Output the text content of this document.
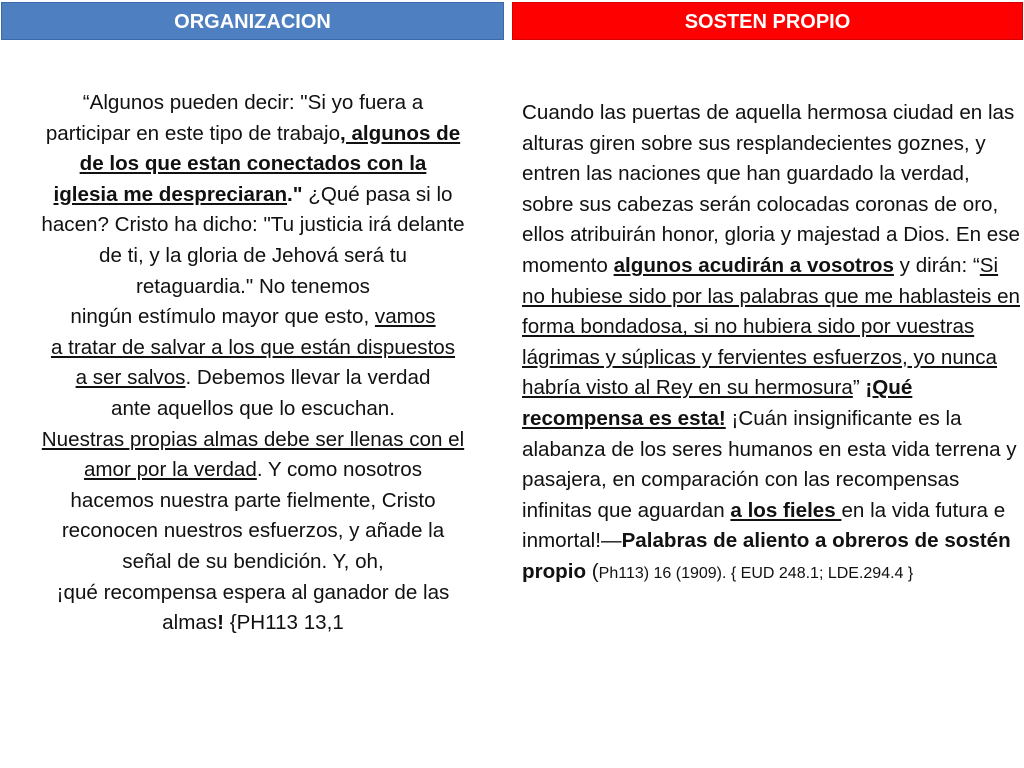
ORGANIZACION	SOSTEN PROPIO

“Algunos pueden decir: "Si yo fuera a

participar en este tipo de trabajo, algunos de

de los que estan conectados con la

iglesia me despreciaran." ¿Qué pasa si lo

hacen? Cristo ha dicho: "Tu justicia irá delante

de ti, y la gloria de Jehová será tu

retaguardia." No tenemos

ningún estímulo mayor que esto, vamos

a tratar de salvar a los que están dispuestos

a ser salvos. Debemos llevar la verdad

ante aquellos que lo escuchan.

Nuestras propias almas debe ser llenas con el

amor por la verdad. Y como nosotros

hacemos nuestra parte fielmente, Cristo

reconocen nuestros esfuerzos, y añade la

señal de su bendición. Y, oh,

¡qué recompensa espera al ganador de las

almas! {PH113 13,1

Cuando las puertas de aquella hermosa ciudad en las alturas giren sobre sus resplandecientes goznes, y entren las naciones que han guardado la verdad, sobre sus cabezas serán colocadas coronas de oro, ellos atribuirán honor, gloria y majestad a Dios. En ese momento algunos acudirán a vosotros y dirán: “Si no hubiese sido por las palabras que me hablasteis en forma bondadosa, si no hubiera sido por vuestras lágrimas y súplicas y fervientes esfuerzos, yo nunca habría visto al Rey en su hermosura” ¡Qué recompensa es esta! ¡Cuán insignificante es la alabanza de los seres humanos en esta vida terrena y pasajera, en comparación con las recompensas infinitas que aguardan a los fieles en la vida futura e inmortal!—Palabras de aliento a obreros de sostén propio (Ph113) 16 (1909). { EUD 248.1; LDE.294.4 }
